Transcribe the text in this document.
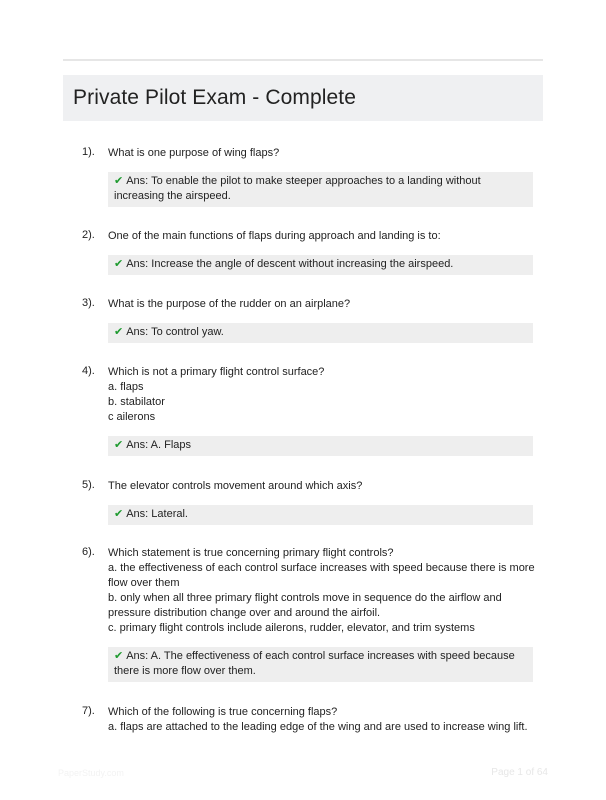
Private Pilot Exam - Complete
1). What is one purpose of wing flaps?
✔ Ans: To enable the pilot to make steeper approaches to a landing without increasing the airspeed.
2). One of the main functions of flaps during approach and landing is to:
✔ Ans: Increase the angle of descent without increasing the airspeed.
3). What is the purpose of the rudder on an airplane?
✔ Ans: To control yaw.
4). Which is not a primary flight control surface?
a. flaps
b. stabilator
c ailerons
✔ Ans: A. Flaps
5). The elevator controls movement around which axis?
✔ Ans: Lateral.
6). Which statement is true concerning primary flight controls?
a. the effectiveness of each control surface increases with speed because there is more flow over them
b. only when all three primary flight controls move in sequence do the airflow and pressure distribution change over and around the airfoil.
c. primary flight controls include ailerons, rudder, elevator, and trim systems
✔ Ans: A. The effectiveness of each control surface increases with speed because there is more flow over them.
7). Which of the following is true concerning flaps?
a. flaps are attached to the leading edge of the wing and are used to increase wing lift.
PaperStudy.com	Page 1 of 64
